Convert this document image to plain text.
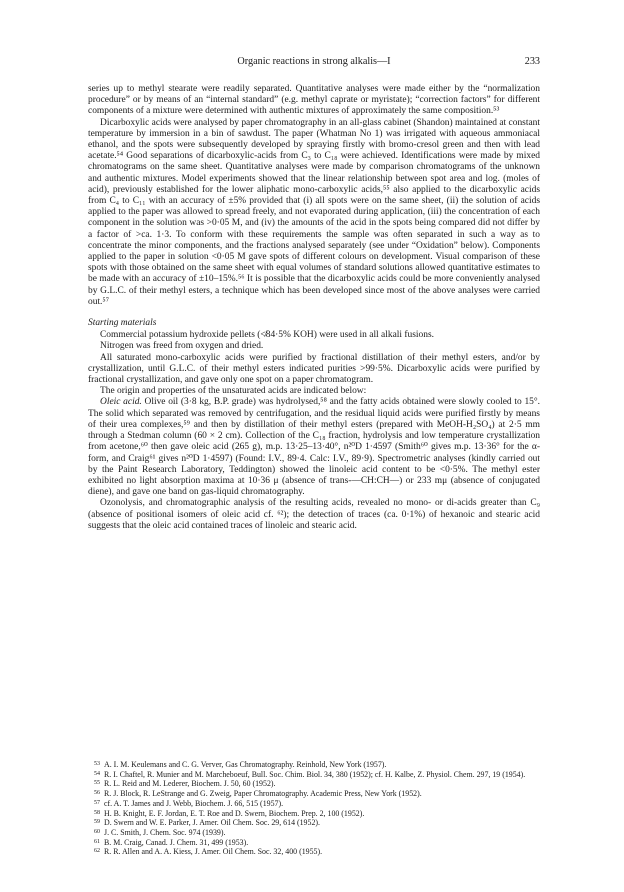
Organic reactions in strong alkalis—I	233

series up to methyl stearate were readily separated. Quantitative analyses were made either by the “normalization procedure” or by means of an “internal standard” (e.g. methyl caprate or myristate); “correction factors” for different components of a mixture were determined with authentic mixtures of approximately the same composition.⁵³

Dicarboxylic acids were analysed by paper chromatography in an all-glass cabinet (Shandon) maintained at constant temperature by immersion in a bin of sawdust. The paper (Whatman No 1) was irrigated with aqueous ammoniacal ethanol, and the spots were subsequently developed by spraying firstly with bromo-cresol green and then with lead acetate.⁵⁴ Good separations of dicarboxylic-acids from C₃ to C₁₈ were achieved. Identifications were made by mixed chromatograms on the same sheet. Quantitative analyses were made by comparison chromatograms of the unknown and authentic mixtures. Model experiments showed that the linear relationship between spot area and log. (moles of acid), previously established for the lower aliphatic mono-carboxylic acids,⁵⁵ also applied to the dicarboxylic acids from C₄ to C₁₁ with an accuracy of ±5% provided that (i) all spots were on the same sheet, (ii) the solution of acids applied to the paper was allowed to spread freely, and not evaporated during application, (iii) the concentration of each component in the solution was >0·05 M, and (iv) the amounts of the acid in the spots being compared did not differ by a factor of >ca. 1·3. To conform with these requirements the sample was often separated in such a way as to concentrate the minor components, and the fractions analysed separately (see under “Oxidation” below). Components applied to the paper in solution <0·05 M gave spots of different colours on development. Visual comparison of these spots with those obtained on the same sheet with equal volumes of standard solutions allowed quantitative estimates to be made with an accuracy of ±10–15%.⁵⁶ It is possible that the dicarboxylic acids could be more conveniently analysed by G.L.C. of their methyl esters, a technique which has been developed since most of the above analyses were carried out.⁵⁷

Starting materials

Commercial potassium hydroxide pellets (≮84·5% KOH) were used in all alkali fusions.

Nitrogen was freed from oxygen and dried.

All saturated mono-carboxylic acids were purified by fractional distillation of their methyl esters, and/or by crystallization, until G.L.C. of their methyl esters indicated purities >99·5%. Dicarboxylic acids were purified by fractional crystallization, and gave only one spot on a paper chromatogram.

The origin and properties of the unsaturated acids are indicated below:

Oleic acid. Olive oil (3·8 kg, B.P. grade) was hydrolysed,⁵⁸ and the fatty acids obtained were slowly cooled to 15°. The solid which separated was removed by centrifugation, and the residual liquid acids were purified firstly by means of their urea complexes,⁵⁹ and then by distillation of their methyl esters (prepared with MeOH-H₂SO₄) at 2·5 mm through a Stedman column (60 × 2 cm). Collection of the C₁₈ fraction, hydrolysis and low temperature crystallization from acetone,⁶⁰ then gave oleic acid (265 g), m.p. 13·25–13·40°, n²⁰D 1·4597 (Smith⁶⁰ gives m.p. 13·36° for the α-form, and Craig⁶¹ gives n²⁰D 1·4597) (Found: I.V., 89·4. Calc: I.V., 89·9). Spectrometric analyses (kindly carried out by the Paint Research Laboratory, Teddington) showed the linoleic acid content to be <0·5%. The methyl ester exhibited no light absorption maxima at 10·36 μ (absence of trans-—CH:CH—) or 233 mμ (absence of conjugated diene), and gave one band on gas-liquid chromatography.

Ozonolysis, and chromatographic analysis of the resulting acids, revealed no mono- or di-acids greater than C₉ (absence of positional isomers of oleic acid cf. ⁶²); the detection of traces (ca. 0·1%) of hexanoic and stearic acid suggests that the oleic acid contained traces of linoleic and stearic acid.

53 A. I. M. Keulemans and C. G. Verver, Gas Chromatography. Reinhold, New York (1957).
54 R. I. Chaftel, R. Munier and M. Marcheboeuf, Bull. Soc. Chim. Biol. 34, 380 (1952); cf. H. Kalbe, Z. Physiol. Chem. 297, 19 (1954).
55 R. L. Reid and M. Lederer, Biochem. J. 50, 60 (1952).
56 R. J. Block, R. LeStrange and G. Zweig, Paper Chromatography. Academic Press, New York (1952).
57 cf. A. T. James and J. Webb, Biochem. J. 66, 515 (1957).
58 H. B. Knight, E. F. Jordan, E. T. Roe and D. Swern, Biochem. Prep. 2, 100 (1952).
59 D. Swern and W. E. Parker, J. Amer. Oil Chem. Soc. 29, 614 (1952).
60 J. C. Smith, J. Chem. Soc. 974 (1939).
61 B. M. Craig, Canad. J. Chem. 31, 499 (1953).
62 R. R. Allen and A. A. Kiess, J. Amer. Oil Chem. Soc. 32, 400 (1955).
